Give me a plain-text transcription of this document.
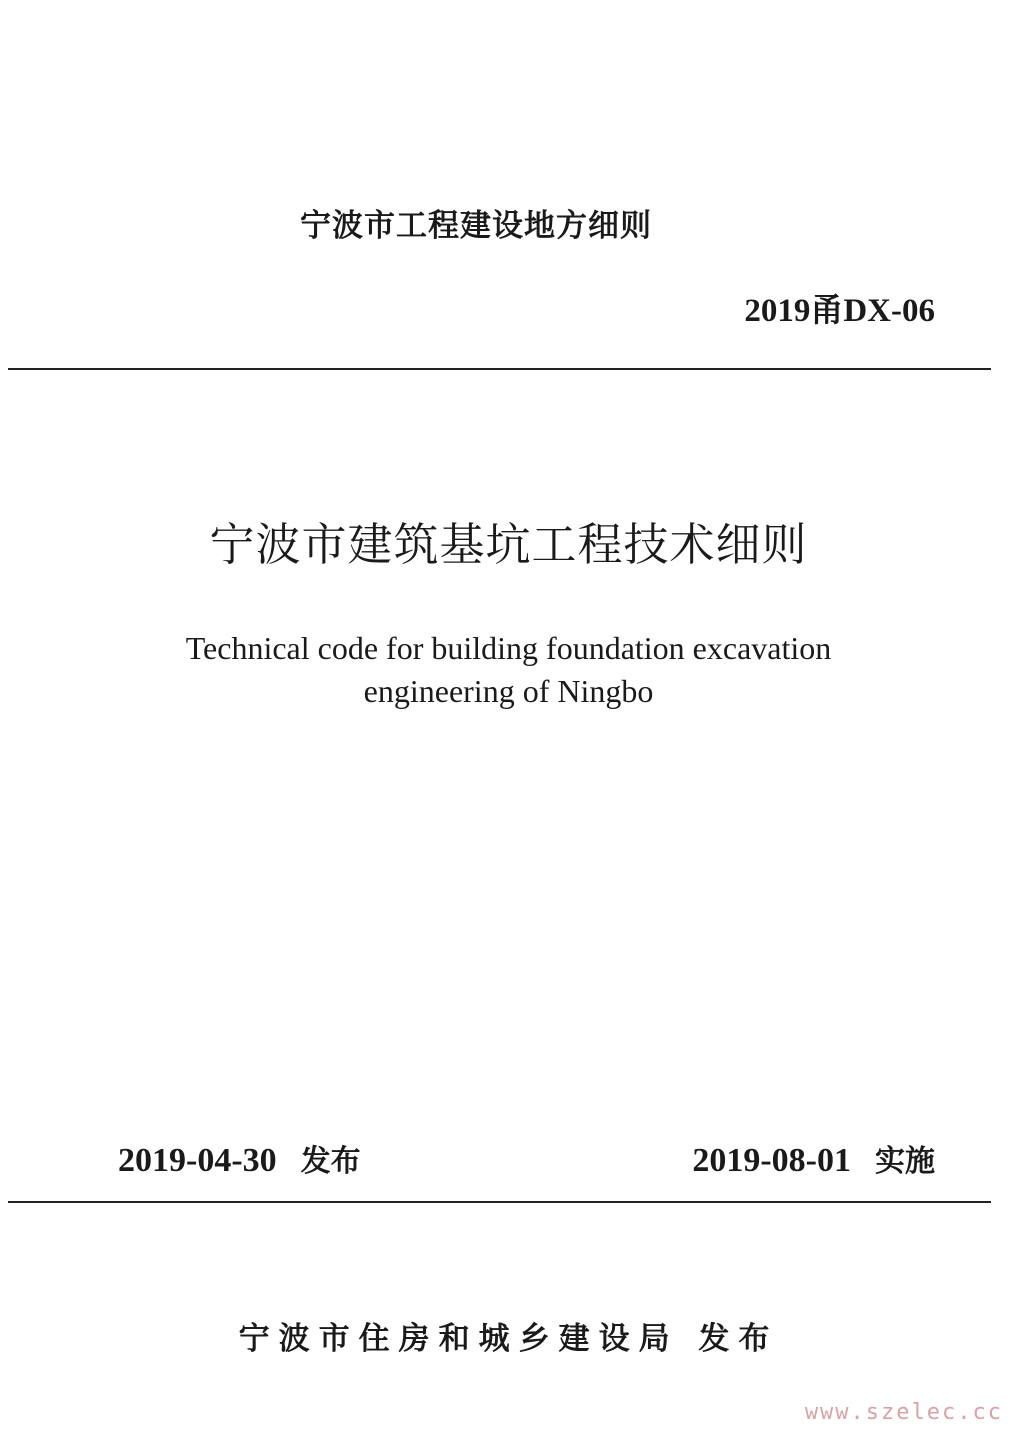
宁波市工程建设地方细则
2019甬DX-06
宁波市建筑基坑工程技术细则
Technical code for building foundation excavation
engineering of Ningbo
2019-04-30 发布	2019-08-01 实施
宁波市住房和城乡建设局 发布
www.szelec.cc
